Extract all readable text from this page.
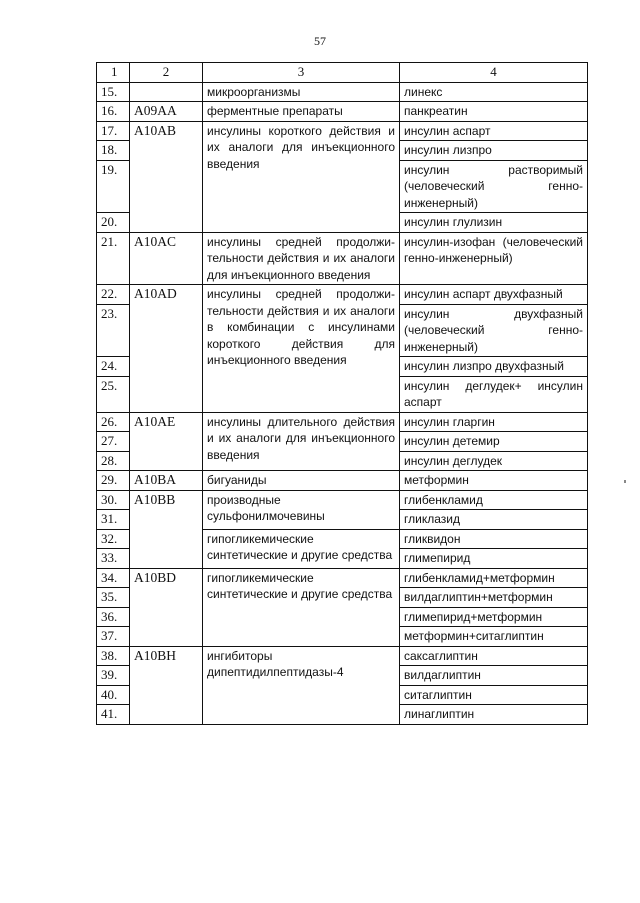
57
1	2	3	4
15.		микроорганизмы	линекс
16.	A09AA	ферментные препараты	панкреатин
17.	A10AB	инсулины короткого действия и их аналоги для инъекционного введения	инсулин аспарт
18.			инсулин лизпро
19.			инсулин растворимый (человеческий генно-инженерный)
20.			инсулин глулизин
21.	A10AC	инсулины средней продолжи-тельности действия и их аналоги для инъекционного введения	инсулин-изофан (человеческий генно-инженерный)
22.	A10AD	инсулины средней продолжи-тельности действия и их аналоги в комбинации с инсулинами короткого действия для инъекционного введения	инсулин аспарт двухфазный
23.			инсулин двухфазный (человеческий генно-инженерный)
24.			инсулин лизпро двухфазный
25.			инсулин деглудек+ инсулин аспарт
26.	A10AE	инсулины длительного действия и их аналоги для инъекционного введения	инсулин гларгин
27.			инсулин детемир
28.			инсулин деглудек
29.	A10BA	бигуаниды	метформин
30.	A10BB	производные сульфонилмочевины	глибенкламид
31.			гликлазид
32.		гипогликемические синтетические и другие средства	гликвидон
33.			глимепирид
34.	A10BD	гипогликемические синтетические и другие средства	глибенкламид+метформин
35.			вилдаглиптин+метформин
36.			глимепирид+метформин
37.			метформин+ситаглиптин
38.	A10BH	ингибиторы дипептидилпептидазы-4	саксаглиптин
39.			вилдаглиптин
40.			ситаглиптин
41.			линаглиптин
